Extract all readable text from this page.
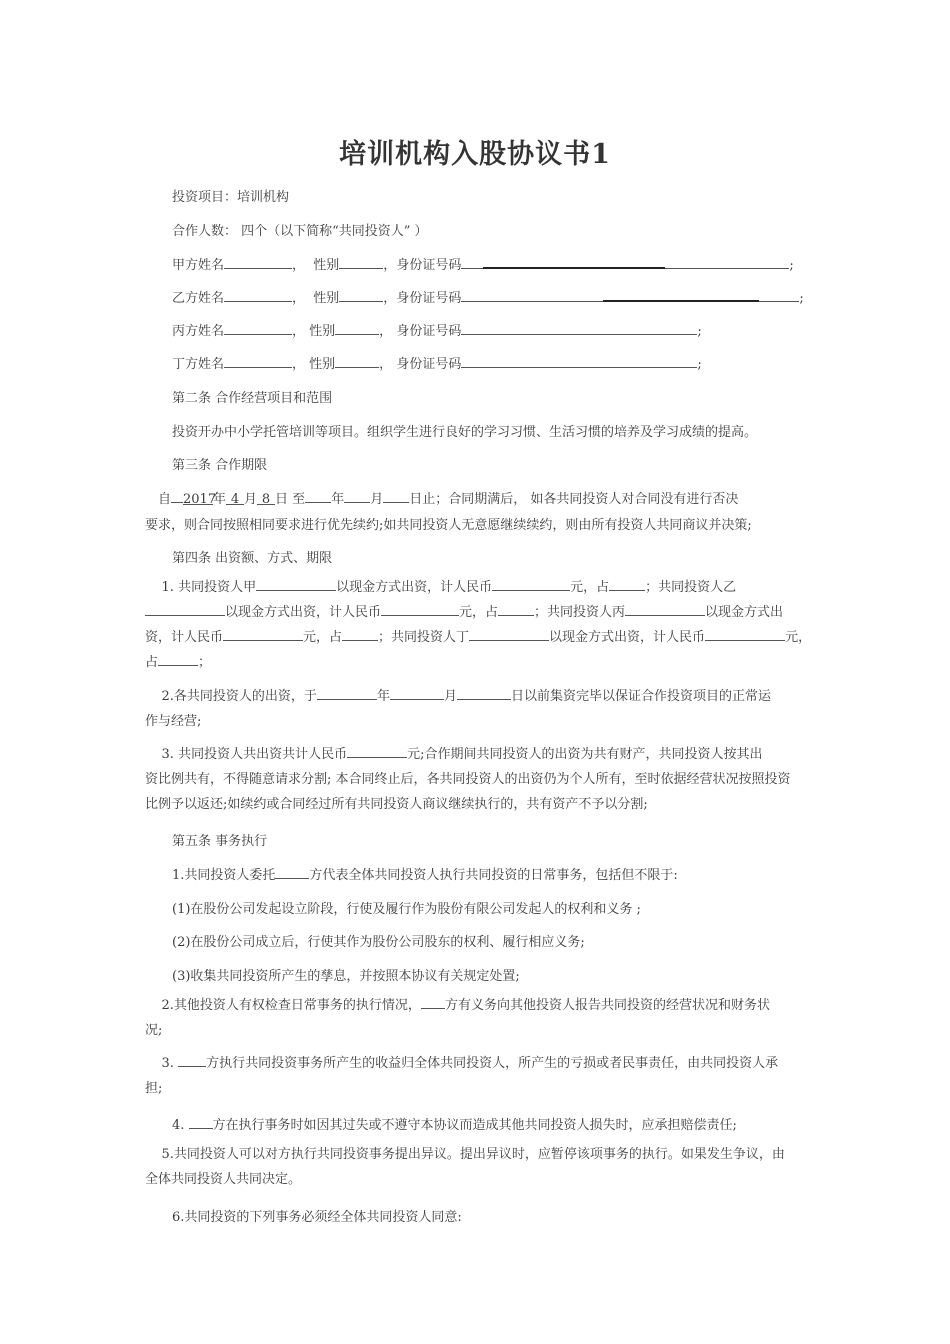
培训机构入股协议书1
投资项目：培训机构
合作人数： 四个（以下简称“共同投资人” ）
甲方姓名	，  性别	，身份证号码	;
乙方姓名	，  性别	，身份证号码	;
丙方姓名	， 性别	， 身份证号码	;
丁方姓名	， 性别	， 身份证号码	;
第二条 合作经营项目和范围
投资开办中小学托管培训等项目。组织学生进行良好的学习习惯、生活习惯的培养及学习成绩的提高。
第三条 合作期限
自 2017年 4 月 8 日 至 年 月 日止；合同期满后， 如各共同投资人对合同没有进行否决
要求，则合同按照相同要求进行优先续约;如共同投资人无意愿继续续约，则由所有投资人共同商议并决策;
第四条 出资额、方式、期限
1. 共同投资人甲	以现金方式出资，计人民币	元，占	；共同投资人乙
以现金方式出资，计人民币	元，占	；共同投资人丙	以现金方式出
资，计人民币	元，占	；共同投资人丁	以现金方式出资，计人民币	元，
占	；
2.各共同投资人的出资，于	年	月	日以前集资完毕以保证合作投资项目的正常运
作与经营;
3. 共同投资人共出资共计人民币	元;合作期间共同投资人的出资为共有财产，共同投资人按其出
资比例共有，不得随意请求分割; 本合同终止后，各共同投资人的出资仍为个人所有，至时依据经营状况按照投资
比例予以返还;如续约或合同经过所有共同投资人商议继续执行的，共有资产不予以分割;
第五条 事务执行
1.共同投资人委托	方代表全体共同投资人执行共同投资的日常事务，包括但不限于:
(1)在股份公司发起设立阶段，行使及履行作为股份有限公司发起人的权利和义务 ;
(2)在股份公司成立后，行使其作为股份公司股东的权利、履行相应义务;
(3)收集共同投资所产生的孳息，并按照本协议有关规定处置;
2.其他投资人有权检查日常事务的执行情况， 方有义务向其他投资人报告共同投资的经营状况和财务状
况;
3. 方执行共同投资事务所产生的收益归全体共同投资人，所产生的亏损或者民事责任，由共同投资人承
担;
4. 方在执行事务时如因其过失或不遵守本协议而造成其他共同投资人损失时，应承担赔偿责任;
5.共同投资人可以对方执行共同投资事务提出异议。提出异议时，应暂停该项事务的执行。如果发生争议，由
全体共同投资人共同决定。
6.共同投资的下列事务必须经全体共同投资人同意:
